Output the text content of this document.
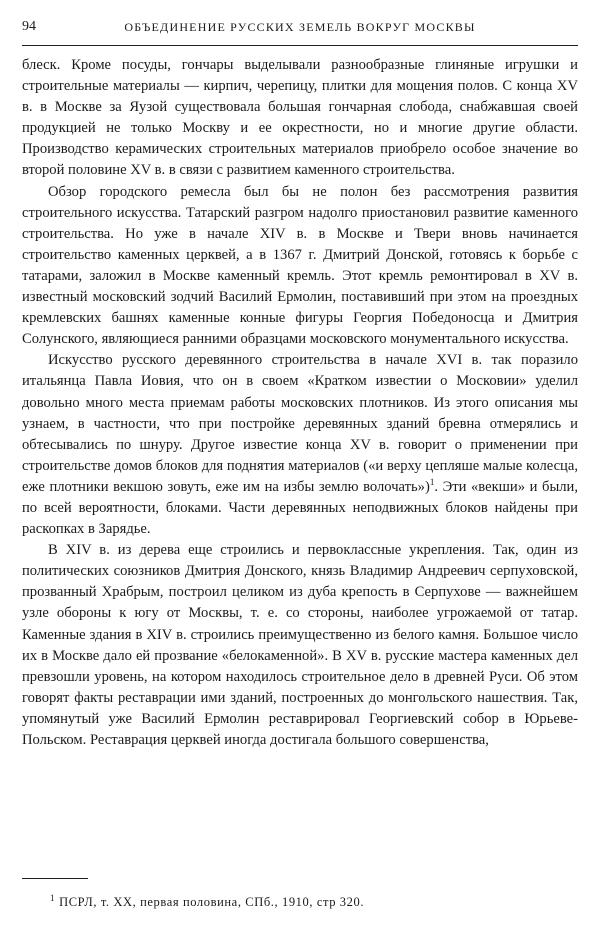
94	ОБЪЕДИНЕНИЕ РУССКИХ ЗЕМЕЛЬ ВОКРУГ МОСКВЫ

блеск. Кроме посуды, гончары выделывали разнообразные глиняные игрушки и строительные материалы — кирпич, черепицу, плитки для мощения полов. С конца XV в. в Москве за Яузой существовала большая гончарная слобода, снабжавшая своей продукцией не только Москву и ее окрестности, но и многие другие области. Производство керамических строительных материалов приобрело особое значение во второй половине XV в. в связи с развитием каменного строительства.

Обзор городского ремесла был бы не полон без рассмотрения развития строительного искусства. Татарский разгром надолго приостановил развитие каменного строительства. Но уже в начале XIV в. в Москве и Твери вновь начинается строительство каменных церквей, а в 1367 г. Дмитрий Донской, готовясь к борьбе с татарами, заложил в Москве каменный кремль. Этот кремль ремонтировал в XV в. известный московский зодчий Василий Ермолин, поставивший при этом на проездных кремлевских башнях каменные конные фигуры Георгия Победоносца и Дмитрия Солунского, являющиеся ранними образцами московского монументального искусства.

Искусство русского деревянного строительства в начале XVI в. так поразило итальянца Павла Иовия, что он в своем «Кратком известии о Московии» уделил довольно много места приемам работы московских плотников. Из этого описания мы узнаем, в частности, что при постройке деревянных зданий бревна отмерялись и обтесывались по шнуру. Другое известие конца XV в. говорит о применении при строительстве домов блоков для поднятия материалов («и верху цепляше малые колесца, еже плотники векшою зовуть, еже им на избы землю волочать»)$^1$. Эти «векши» и были, по всей вероятности, блоками. Части деревянных неподвижных блоков найдены при раскопках в Зарядье.

В XIV в. из дерева еще строились и первоклассные укрепления. Так, один из политических союзников Дмитрия Донского, князь Владимир Андреевич серпуховской, прозванный Храбрым, построил целиком из дуба крепость в Серпухове — важнейшем узле обороны к югу от Москвы, т. е. со стороны, наиболее угрожаемой от татар. Каменные здания в XIV в. строились преимущественно из белого камня. Большое число их в Москве дало ей прозвание «белокаменной». В XV в. русские мастера каменных дел превзошли уровень, на котором находилось строительное дело в древней Руси. Об этом говорят факты реставрации ими зданий, построенных до монгольского нашествия. Так, упомянутый уже Василий Ермолин реставрировал Георгиевский собор в Юрьеве-Польском. Реставрация церквей иногда достигала большого совершенства,

$^1$ ПСРЛ, т. XX, первая половина, СПб., 1910, стр 320.
